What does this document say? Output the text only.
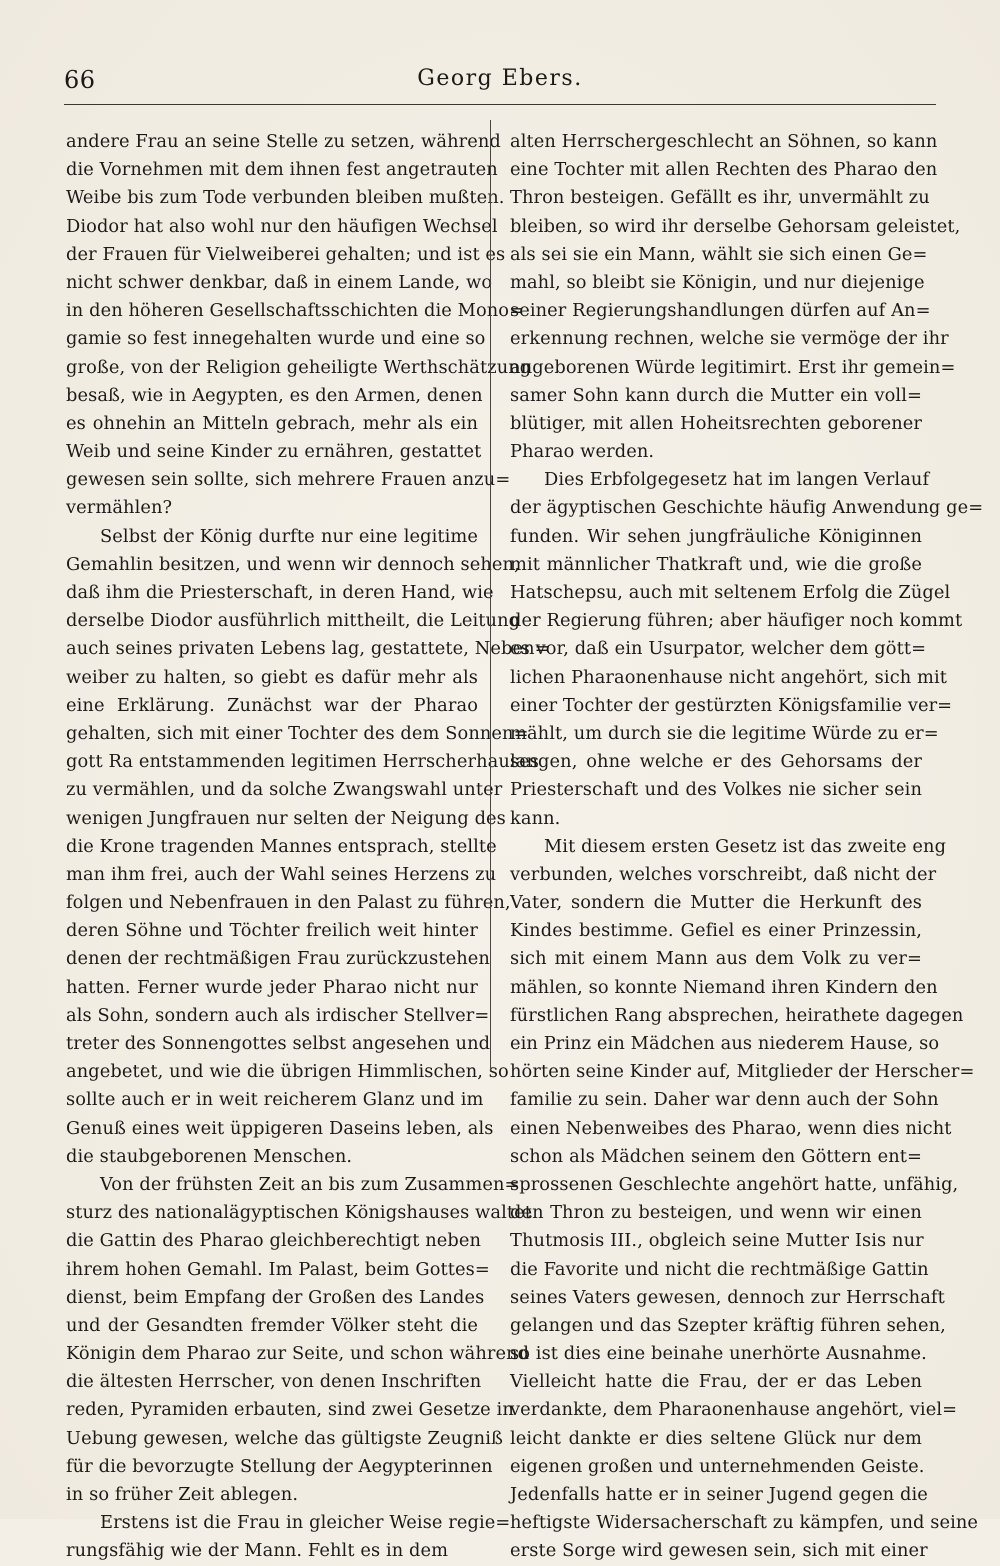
66	Georg Ebers.
andere Frau an seine Stelle zu setzen, während
die Vornehmen mit dem ihnen fest angetrauten
Weibe bis zum Tode verbunden bleiben mußten.
Diodor hat also wohl nur den häufigen Wechsel
der Frauen für Vielweiberei gehalten; und ist es
nicht schwer denkbar, daß in einem Lande, wo
in den höheren Gesellschaftsschichten die Mono=
gamie so fest innegehalten wurde und eine so
große, von der Religion geheiligte Werthschätzung
besaß, wie in Aegypten, es den Armen, denen
es ohnehin an Mitteln gebrach, mehr als ein
Weib und seine Kinder zu ernähren, gestattet
gewesen sein sollte, sich mehrere Frauen anzu=
vermählen?
Selbst der König durfte nur eine legitime
Gemahlin besitzen, und wenn wir dennoch sehen,
daß ihm die Priesterschaft, in deren Hand, wie
derselbe Diodor ausführlich mittheilt, die Leitung
auch seines privaten Lebens lag, gestattete, Neben=
weiber zu halten, so giebt es dafür mehr als
eine Erklärung. Zunächst war der Pharao
gehalten, sich mit einer Tochter des dem Sonnen=
gott Ra entstammenden legitimen Herrscherhauses
zu vermählen, und da solche Zwangswahl unter
wenigen Jungfrauen nur selten der Neigung des
die Krone tragenden Mannes entsprach, stellte
man ihm frei, auch der Wahl seines Herzens zu
folgen und Nebenfrauen in den Palast zu führen,
deren Söhne und Töchter freilich weit hinter
denen der rechtmäßigen Frau zurückzustehen
hatten. Ferner wurde jeder Pharao nicht nur
als Sohn, sondern auch als irdischer Stellver=
treter des Sonnengottes selbst angesehen und
angebetet, und wie die übrigen Himmlischen, so
sollte auch er in weit reicherem Glanz und im
Genuß eines weit üppigeren Daseins leben, als
die staubgeborenen Menschen.
Von der frühsten Zeit an bis zum Zusammen=
sturz des nationalägyptischen Königshauses waltet
die Gattin des Pharao gleichberechtigt neben
ihrem hohen Gemahl. Im Palast, beim Gottes=
dienst, beim Empfang der Großen des Landes
und der Gesandten fremder Völker steht die
Königin dem Pharao zur Seite, und schon während
die ältesten Herrscher, von denen Inschriften
reden, Pyramiden erbauten, sind zwei Gesetze in
Uebung gewesen, welche das gültigste Zeugniß
für die bevorzugte Stellung der Aegypterinnen
in so früher Zeit ablegen.
Erstens ist die Frau in gleicher Weise regie=
rungsfähig wie der Mann. Fehlt es in dem
alten Herrschergeschlecht an Söhnen, so kann
eine Tochter mit allen Rechten des Pharao den
Thron besteigen. Gefällt es ihr, unvermählt zu
bleiben, so wird ihr derselbe Gehorsam geleistet,
als sei sie ein Mann, wählt sie sich einen Ge=
mahl, so bleibt sie Königin, und nur diejenige
seiner Regierungshandlungen dürfen auf An=
erkennung rechnen, welche sie vermöge der ihr
angeborenen Würde legitimirt. Erst ihr gemein=
samer Sohn kann durch die Mutter ein voll=
blütiger, mit allen Hoheitsrechten geborener
Pharao werden.
Dies Erbfolgegesetz hat im langen Verlauf
der ägyptischen Geschichte häufig Anwendung ge=
funden. Wir sehen jungfräuliche Königinnen
mit männlicher Thatkraft und, wie die große
Hatschepsu, auch mit seltenem Erfolg die Zügel
der Regierung führen; aber häufiger noch kommt
es vor, daß ein Usurpator, welcher dem gött=
lichen Pharaonenhause nicht angehört, sich mit
einer Tochter der gestürzten Königsfamilie ver=
mählt, um durch sie die legitime Würde zu er=
langen, ohne welche er des Gehorsams der
Priesterschaft und des Volkes nie sicher sein
kann.
Mit diesem ersten Gesetz ist das zweite eng
verbunden, welches vorschreibt, daß nicht der
Vater, sondern die Mutter die Herkunft des
Kindes bestimme. Gefiel es einer Prinzessin,
sich mit einem Mann aus dem Volk zu ver=
mählen, so konnte Niemand ihren Kindern den
fürstlichen Rang absprechen, heirathete dagegen
ein Prinz ein Mädchen aus niederem Hause, so
hörten seine Kinder auf, Mitglieder der Herscher=
familie zu sein. Daher war denn auch der Sohn
einen Nebenweibes des Pharao, wenn dies nicht
schon als Mädchen seinem den Göttern ent=
sprossenen Geschlechte angehört hatte, unfähig,
den Thron zu besteigen, und wenn wir einen
Thutmosis III., obgleich seine Mutter Isis nur
die Favorite und nicht die rechtmäßige Gattin
seines Vaters gewesen, dennoch zur Herrschaft
gelangen und das Szepter kräftig führen sehen,
so ist dies eine beinahe unerhörte Ausnahme.
Vielleicht hatte die Frau, der er das Leben
verdankte, dem Pharaonenhause angehört, viel=
leicht dankte er dies seltene Glück nur dem
eigenen großen und unternehmenden Geiste.
Jedenfalls hatte er in seiner Jugend gegen die
heftigste Widersacherschaft zu kämpfen, und seine
erste Sorge wird gewesen sein, sich mit einer
